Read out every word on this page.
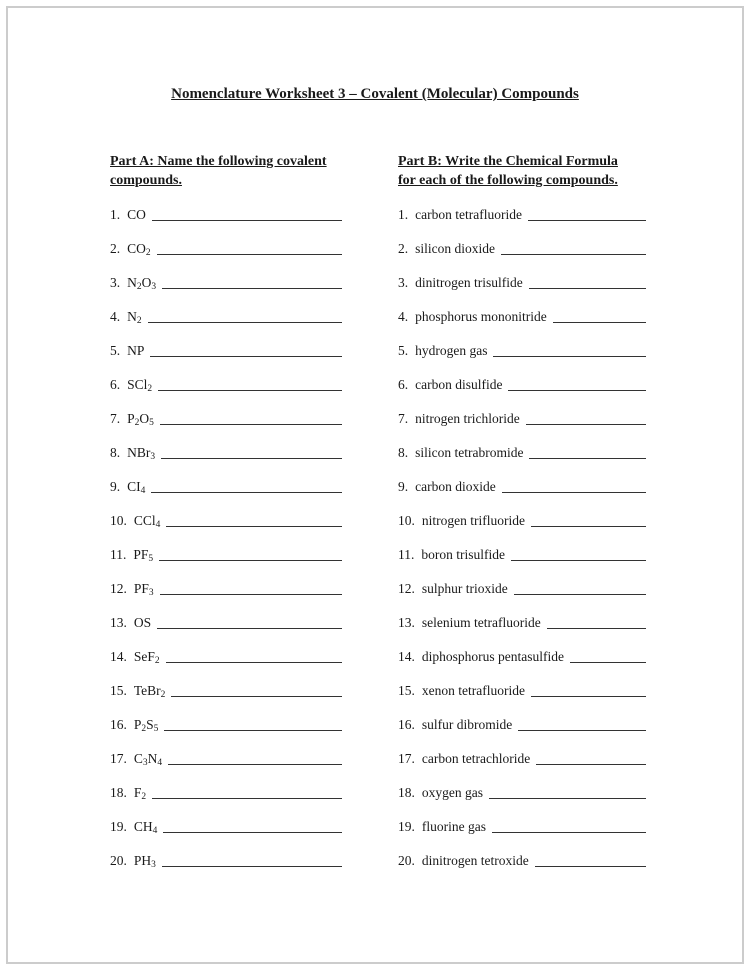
Nomenclature Worksheet 3 – Covalent (Molecular) Compounds
Part A: Name the following covalent
compounds.
1. CO
2. $CO_2$
3. $N_2O_3$
4. $N_2$
5. NP
6. SCl$_2$
7. $P_2O_5$
8. NBr$_3$
9. $CI_4$
10. CCl$_4$
11. $PF_5$
12. $PF_3$
13. OS
14. SeF$_2$
15. TeBr$_2$
16. $P_2S_5$
17. $C_3N_4$
18. $F_2$
19. $CH_4$
20. $PH_3$
Part B: Write the Chemical Formula
for each of the following compounds.
1. carbon tetrafluoride
2. silicon dioxide
3. dinitrogen trisulfide
4. phosphorus mononitride
5. hydrogen gas
6. carbon disulfide
7. nitrogen trichloride
8. silicon tetrabromide
9. carbon dioxide
10. nitrogen trifluoride
11. boron trisulfide
12. sulphur trioxide
13. selenium tetrafluoride
14. diphosphorus pentasulfide
15. xenon tetrafluoride
16. sulfur dibromide
17. carbon tetrachloride
18. oxygen gas
19. fluorine gas
20. dinitrogen tetroxide
